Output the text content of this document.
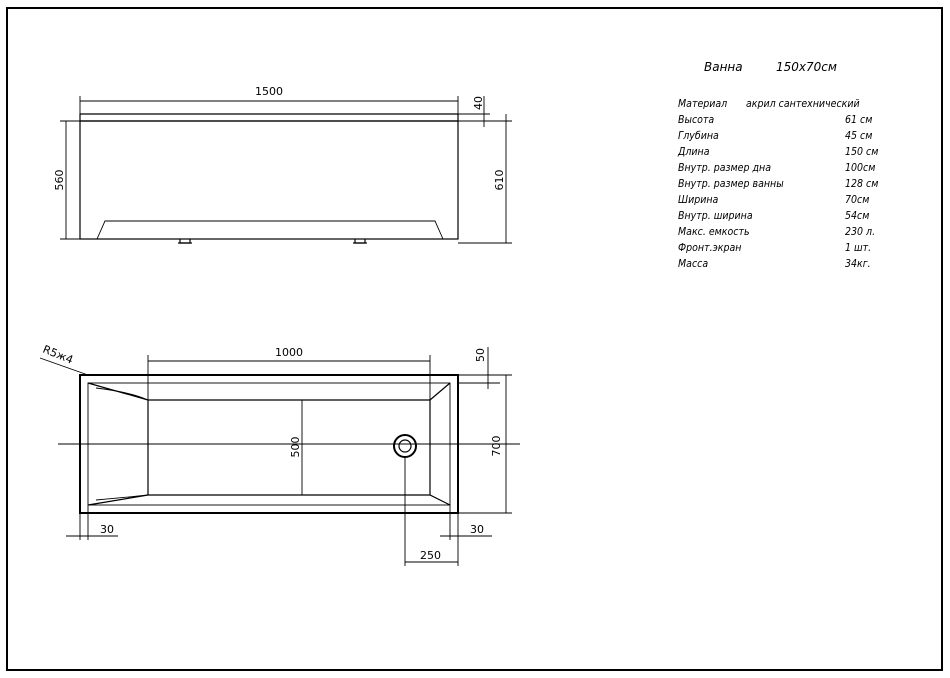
1500
40
560	610
1000	50
R5ж4
500	700
30	30
250
Ванна	150x70см
Материал акрил сантехнический
Высота	61 см
Глубина	45 см
Длина	150 см
Внутр. размер дна	100см
Внутр. размер ванны	128 см
Ширина	70см
Внутр. ширина	54см
Макс. емкость	230 л.
Фронт.экран	1 шт.
Масса	34кг.
